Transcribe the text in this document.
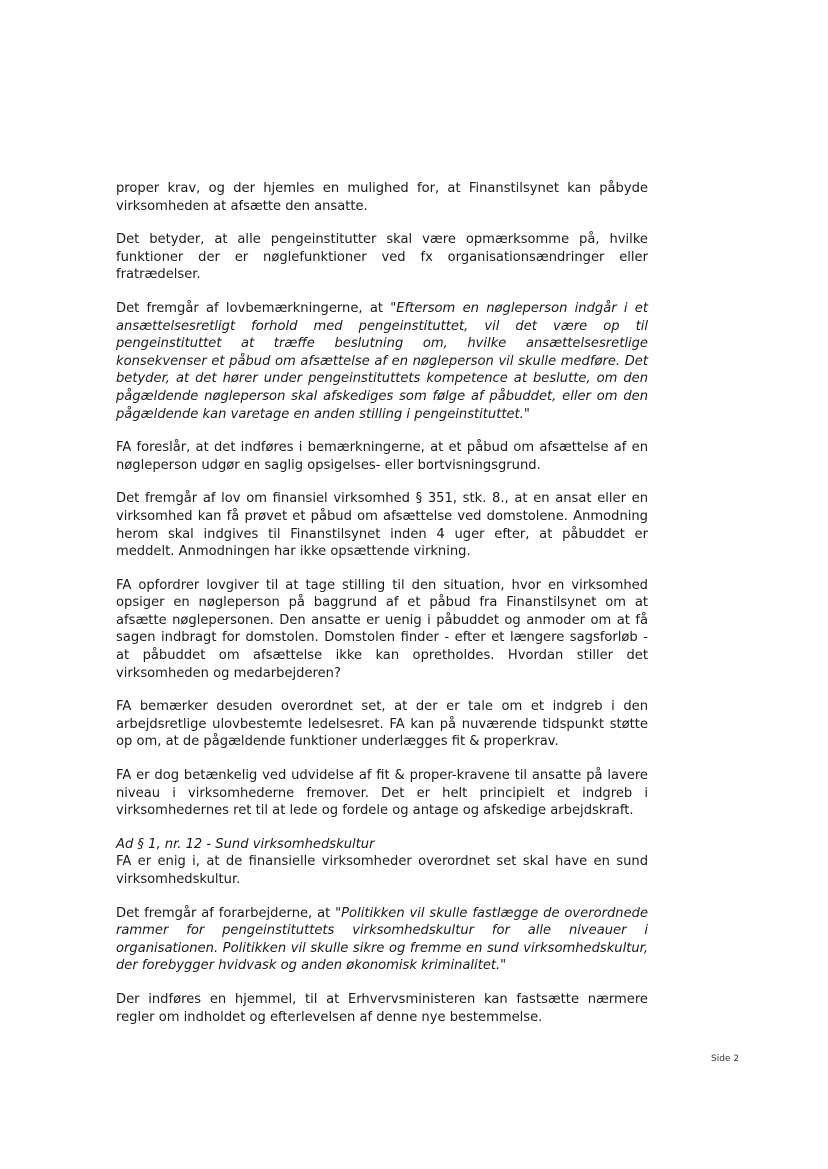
proper krav, og der hjemles en mulighed for, at Finanstilsynet kan påbyde virksomheden at afsætte den ansatte.

Det betyder, at alle pengeinstitutter skal være opmærksomme på, hvilke funktioner der er nøglefunktioner ved fx organisationsændringer eller fratrædelser.

Det fremgår af lovbemærkningerne, at "Eftersom en nøgleperson indgår i et ansættelsesretligt forhold med pengeinstituttet, vil det være op til pengeinstituttet at træffe beslutning om, hvilke ansættelsesretlige konsekvenser et påbud om afsættelse af en nøgleperson vil skulle medføre. Det betyder, at det hører under pengeinstituttets kompetence at beslutte, om den pågældende nøgleperson skal afskediges som følge af påbuddet, eller om den pågældende kan varetage en anden stilling i pengeinstituttet."

FA foreslår, at det indføres i bemærkningerne, at et påbud om afsættelse af en nøgleperson udgør en saglig opsigelses- eller bortvisningsgrund.

Det fremgår af lov om finansiel virksomhed § 351, stk. 8., at en ansat eller en virksomhed kan få prøvet et påbud om afsættelse ved domstolene. Anmodning herom skal indgives til Finanstilsynet inden 4 uger efter, at påbuddet er meddelt. Anmodningen har ikke opsættende virkning.

FA opfordrer lovgiver til at tage stilling til den situation, hvor en virksomhed opsiger en nøgleperson på baggrund af et påbud fra Finanstilsynet om at afsætte nøglepersonen. Den ansatte er uenig i påbuddet og anmoder om at få sagen indbragt for domstolen. Domstolen finder - efter et længere sagsforløb - at påbuddet om afsættelse ikke kan opretholdes. Hvordan stiller det virksomheden og medarbejderen?

FA bemærker desuden overordnet set, at der er tale om et indgreb i den arbejdsretlige ulovbestemte ledelsesret. FA kan på nuværende tidspunkt støtte op om, at de pågældende funktioner underlægges fit & properkrav.

FA er dog betænkelig ved udvidelse af fit & proper-kravene til ansatte på lavere niveau i virksomhederne fremover. Det er helt principielt et indgreb i virksomhedernes ret til at lede og fordele og antage og afskedige arbejdskraft.

Ad § 1, nr. 12 - Sund virksomhedskultur

FA er enig i, at de finansielle virksomheder overordnet set skal have en sund virksomhedskultur.

Det fremgår af forarbejderne, at "Politikken vil skulle fastlægge de overordnede rammer for pengeinstituttets virksomhedskultur for alle niveauer i organisationen. Politikken vil skulle sikre og fremme en sund virksomhedskultur, der forebygger hvidvask og anden økonomisk kriminalitet."

Der indføres en hjemmel, til at Erhvervsministeren kan fastsætte nærmere regler om indholdet og efterlevelsen af denne nye bestemmelse.

Side 2
